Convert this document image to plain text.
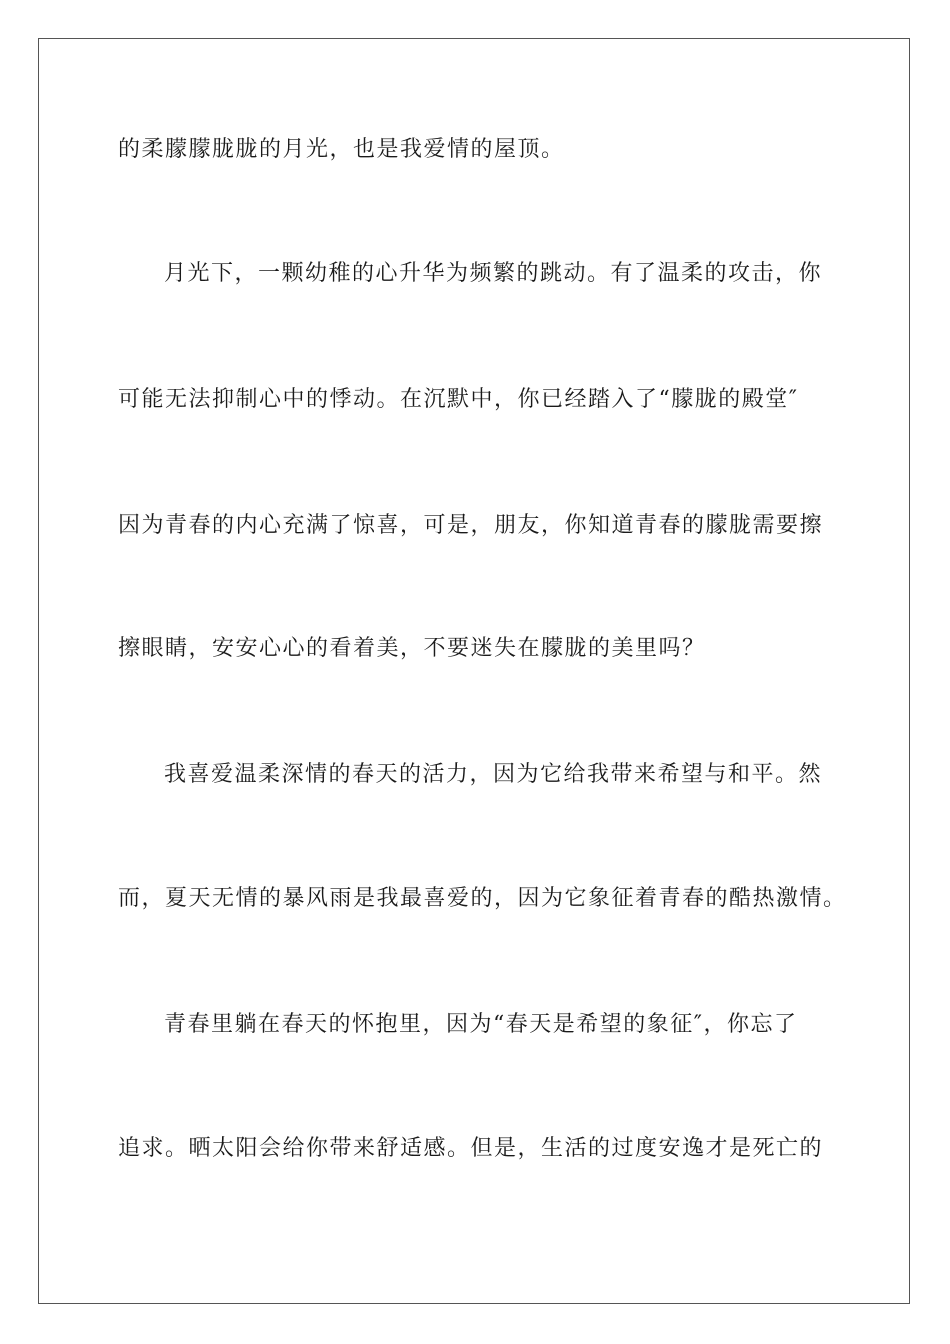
的柔朦朦胧胧的月光，也是我爱情的屋顶。
月光下，一颗幼稚的心升华为频繁的跳动。有了温柔的攻击，你
可能无法抑制心中的悸动。在沉默中，你已经踏入了“朦胧的殿堂″
因为青春的内心充满了惊喜，可是，朋友，你知道青春的朦胧需要擦
擦眼睛，安安心心的看着美，不要迷失在朦胧的美里吗？
我喜爱温柔深情的春天的活力，因为它给我带来希望与和平。然
而，夏天无情的暴风雨是我最喜爱的，因为它象征着青春的酷热激情。
青春里躺在春天的怀抱里，因为“春天是希望的象征″，你忘了
追求。晒太阳会给你带来舒适感。但是，生活的过度安逸才是死亡的
